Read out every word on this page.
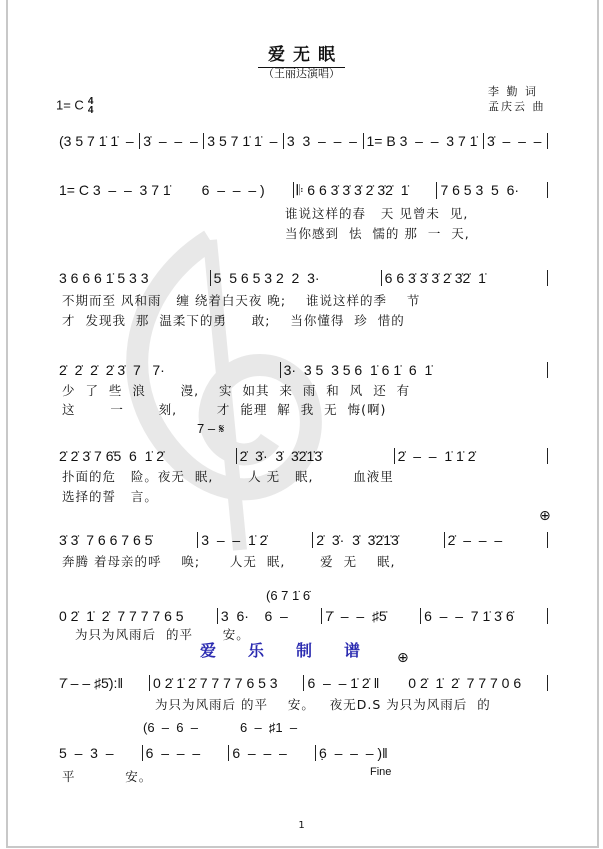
爱无眠
（王丽达演唱）
1= C 4
4
李 勤 词
孟庆云 曲
(3 5 7 1̇ 1̇  – 3̇  –  –  – 3 5 7 1̇ 1̇  – 3  3  –  –  – 1= B 3  –  –  3 7 1̇ 3̇  –  –  –
1= C 3  –  –  3 7 1̇	6  –  –  – )	𝄆 6 6 3̇ 3̇ 3̇ 2̇ 3̇2̇  1̇	7 6 5 3  5  6·
谁说这样的春   天 见曾未  见,
当你感到  怯  懦的 那  一  天,
3 6 6 6 1̇ 5 3 3	5  5 6 5 3 2  2  3·	6 6 3̇ 3̇ 3̇ 2̇ 3̇2̇  1̇
不期而至 风和雨   缠 绕着白天夜 晚;    谁说这样的季    节
才  发现我  那  温柔下的勇     敢;    当你懂得  珍  惜的
2̇  2̇  2̇  2̇ 3̇  7   7·	3·  3 5  3 5 6  1̇ 6 1̇  6  1̇
少  了  些  浪       漫,    实  如其  来  雨  和  风  还  有
这       一       刻,        才  能理  解  我  无  悔(啊)
7 – 𝄋
2̇ 2̇ 3̇ 7 6̇5  6  1̇ 2̇	2̇  3̇·  3̇  3̇2̇1̇3̇	2̇  –  –  1̇ 1̇ 2̇
扑面的危   险。夜无  眠,       人 无   眠,        血液里
选择的誓   言。
⊕
3̇ 3̇  7 6 6 7 6 5̇	3  –  –  1̇ 2̇	2̇  3̇·  3̇  3̇2̇1̇3̇	2̇  –  –  –
奔腾 着母亲的呼    唤;      人无  眠,       爱  无    眠,
(6 7 1̇ 6̇
0 2̇  1̇  2̇  7 7 7 7 6 5	3  6·    6  –	7̇  –  –  ♯5̇	6  –  –  7 1̇ 3̇ 6̇
为只为风雨后  的平      安。
⊕
爱乐制谱
7̇ – – ♯5̇):‖	0 2̇ 1̇ 2̇ 7 7 7 7 6 5 3	6  –  – 1̇ 2̇ ‖	0 2̇  1̇  2̇  7 7 7 0 6
为只为风雨后 的平    安。   夜无D.S 为只为风雨后  的
(6  –  6  –	6  –  ♯1  –
5  –  3  –	6  –  –  –	6  –  –  –	6̣  –  –  – )‖
平          安。	Fine
1
